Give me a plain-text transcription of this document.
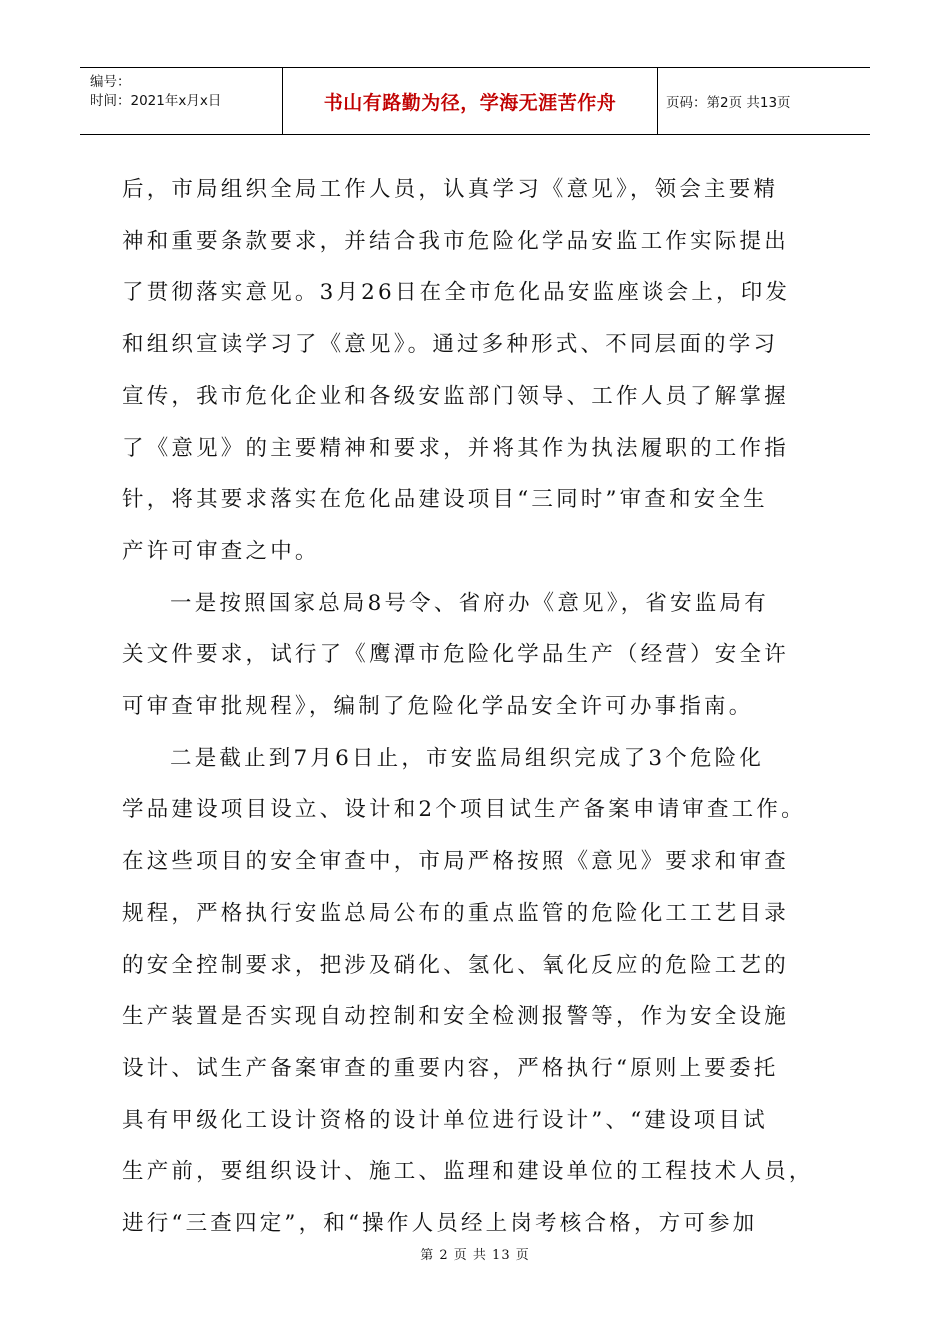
编号：
时间：2021年x月x日	书山有路勤为径，学海无涯苦作舟	页码：第2页 共13页

后，市局组织全局工作人员，认真学习《意见》，领会主要精

神和重要条款要求，并结合我市危险化学品安监工作实际提出

了贯彻落实意见。3月26日在全市危化品安监座谈会上，印发

和组织宣读学习了《意见》。通过多种形式、不同层面的学习

宣传，我市危化企业和各级安监部门领导、工作人员了解掌握

了《意见》的主要精神和要求，并将其作为执法履职的工作指

针，将其要求落实在危化品建设项目“三同时”审查和安全生

产许可审查之中。

一是按照国家总局8号令、省府办《意见》，省安监局有

关文件要求，试行了《鹰潭市危险化学品生产（经营）安全许

可审查审批规程》，编制了危险化学品安全许可办事指南。

二是截止到7月6日止，市安监局组织完成了3个危险化

学品建设项目设立、设计和2个项目试生产备案申请审查工作。

在这些项目的安全审查中，市局严格按照《意见》要求和审查

规程，严格执行安监总局公布的重点监管的危险化工工艺目录

的安全控制要求，把涉及硝化、氢化、氧化反应的危险工艺的

生产装置是否实现自动控制和安全检测报警等，作为安全设施

设计、试生产备案审查的重要内容，严格执行“原则上要委托

具有甲级化工设计资格的设计单位进行设计”、“建设项目试

生产前，要组织设计、施工、监理和建设单位的工程技术人员，

进行“三查四定”，和“操作人员经上岗考核合格，方可参加

第 2 页 共 13 页
